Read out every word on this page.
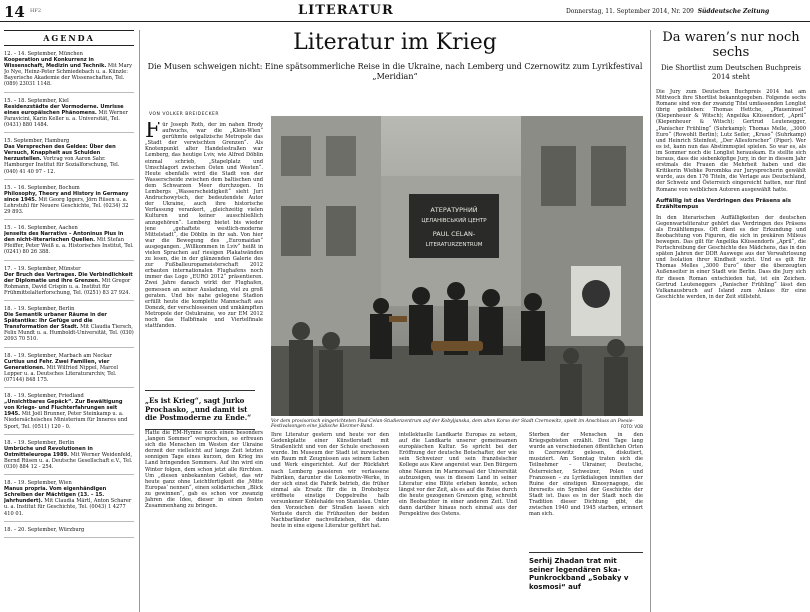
14 HF2	LITERATUR	Donnerstag, 11. September 2014, Nr. 209 Süddeutsche Zeitung
AGENDA
12. – 14. September, München
Kooperation und Konkurrenz in Wissenschaft, Medizin und Technik. Mit Mary Jo Nye, Heinz-Peter Schmiedebach u. a. Künzle: Bayerische Akademie der Wissenschaften, Tel. (089) 23031 1148.
15. – 18. September, Kiel
Residenzstädte der Vormoderne. Umrisse eines europäischen Phänomens. Mit Werner Paravicini, Karin Keller u. a. Universität, Tel. (0431) 880 1484.
15. September, Hamburg
Das Versprechen des Geldes: Über den Versuch, Knappheit aus Schulden herzustellen. Vortrag von Aaron Sahr. Hamburger Institut für Sozialforschung, Tel. (040) 41 40 97 - 12.
15. – 16. September, Bochum
Philosophy, Theory and History in Germany since 1945. Mit Georg Iggers, Jörn Rüsen u. a. Lehrstuhl für Neuere Geschichte, Tel. (0234) 32 29 893.
15. – 16. September, Aachen
Jenseits des Narrativs – Antoninus Pius in den nicht-literarischen Quellen. Mit Stefan Pfeiffer, Peter Weiß u. a. Historisches Institut, Tel. (0241) 80 26 388.
17. – 19. September, Münster
Der Bruch des Vertrages. Die Verbindlichkeit der Diplomatie und ihre Grenzen. Mit Gregor Rohmann, David Crispin u. a. Institut für Frühmittelalterforschung, Tel. (0251) 83 27 924.
18. – 19. September, Berlin
Die Semantik urbaner Räume in der Spätantike: Ihr Gefüge und die Transformation der Stadt. Mit Claudia Tiersch, Felix Mundt u. a. Humboldt-Universität, Tel. (030) 2093 70 510.
18. – 19. September, Marbach am Neckar
Curtius und Fehr. Zwei Familien, vier Generationen. Mit Wilfried Nippel, Marcel Lepper u. a. Deutsches Literaturarchiv, Tel. (07144) 848 175.
18. – 19. September, Friedland
„Unsichtbares Gepäck“. Zur Bewältigung von Kriegs- und Fluchterfahrungen seit 1945. Mit Joël Brunner, Peter Steinkamp u. a. Niedersächsisches Ministerium für Inneres und Sport, Tel. (0511) 120 - 0.
18. – 19. September, Berlin
Umbrüche und Revolutionen in Ostmitteleuropa 1989. Mit Werner Weidenfeld, Bernd Rüsen u. a. Deutsche Gesellschaft e.V., Tel. (030) 884 12 - 254.
18. – 19. September, Wien
Manus propria. Vom eigenhändigen Schreiben der Mächtigen (13. – 15. Jahrhundert). Mit Claudia Märtl, Anton Scharer u. a. Institut für Geschichte, Tel. (0043) 1 4277 410 01.
18. – 20. September, Würzburg

Literatur im Krieg
Die Musen schweigen nicht: Eine spätsommerliche Reise in die Ukraine, nach Lemberg und Czernowitz zum Lyrikfestival „Meridian“
VON VOLKER BREIDECKER
Für Joseph Roth, der im nahen Brody aufwuchs, war die „Klein-Wien“ gerühmte ostgalizische Metropole das „Stadt der verwischten Grenzen“. Als Knotenpunkt alter Handelsstraßen war Lemberg, das heutige Lviv, wie Alfred Döblin einmal schrieb, „Stapelplatz und Umschlagort zwischen Osten und Westen“. Heute ebenfalls wird die Stadt von der Wasserscheide zwischen dem baltischen und dem Schwarzen Meer durchzogen. In Lembergs „Wasserscheidigkeit“ sieht Juri Andruchowytsch, der bedeutendste Autor der Ukraine, auch ihre historische Verfassung verankert, „gleichzeitig vielen Kulturen und keiner ausschließlich anzugehören“. Lemberg bietet bis wieder jene „gehaftete westlich-moderne Mittelstadt“, die Döblin in ihr sah. Von hier war die Bewegung des „Euromaidan“ ausgegangen. „Willkommen in Lviv“ heißt in vielen Sprachen auf riesigen Plakatwänden zu lesen, die in der glänzenden Galerie des zur Fußballeuropameisterschaft 2012 erbauten internationalen Flughafens noch immer das Logo „EURO 2012“ präsentieren. Zwei Jahre danach wirkt der Flughafen, gemessen an seiner Ausladung, viel zu groß geraten. Und bis nahe gelegene Stadion erfüllt heute die komplette Mannschaft aus Donezk, der verschlossenen und umkämpften Metropole der Ostukraine, wo zur EM 2012 noch das Halbfinale und Viertelfinale stattfanden.
„Es ist Krieg“, sagt Jurko Prochasko, „und damit ist die Postmoderne zu Ende.“
Hatte die EM-Hymne noch einen besonders „langen Sommer“ versprochen, so erfreuen sich die Menschen im Westen der Ukraine derzeit der vielleicht auf lange Zeit letzten sonnigen Tage eines kurzen, den Krieg ins Land bringenden Sommers. Auf ihn wird ein Winter folgen, dem schon jetzt alle fürchten. Um „diesen unbekannten Gebiet, das wir heute ganz ohne Leichtfertigkeit die ‚Mitte Europas‘ nennen“, einen solidarischen „Blick zu gewinnen“, gab es schon vor zwanzig Jahren die Idee, dieser in einen festen Zusammenhang zu bringen.
АТЕРАТУРНИЙ
ЦЕЛАНІВСЬКИЙ ЦЕНТР
PAUL CELAN-
LITERATURZENTRUM
Vor dem provisorisch eingerichteten Paul-Celan-Studienzentrum auf der Kobyljanska, dem alten Korso der Stadt Czernowitz, spielt im Anschluss an Poesie-Festivalsongen eine jüdische Klezmer-Band.	FOTO: VOB
Ihre Literatur gestern und heute vor den Gedenkplatte einer Künstlerstadt mit Straßenlicht und von der Schule erschossen wurde. Im Museum der Stadt ist inzwischen ein Raum mit Zeugnissen aus seinem Leben und Werk eingerichtet. Auf der Rückfahrt nach Lemberg passieren wir verlassene Fabriken, darunter die Lokomotiv-Werke, in der sich einst die Fabrik betrieb, die früher einmal als Ersatz für die in Drohobycz eröffnete einstige Doppelreihe halb versunkener Kohlehalde von Stanislau. Unter den Vorzeichen der Straßen lassen sich Verluste durch die Frühzeiten der beiden Nachbarländer nachvollziehen, die dann heute in eine eigene Literatur geführt hat.
intellektuelle Landkarte Europas zu setzen, auf die Landkarte unserer gemeinsamen europäischen Kultur. So spricht bei der Eröffnung der deutsche Botschafter, der wie sein Schweizer und sein französischer Kollege aus Kiew angereist war. Den Bürgern ohne Namen im Marmorsaal der Universität aufzuzeigen, was in diesem Land in seiner Literatur eine Blüte erleben konnte, schon längst vor der Zeit, als es auf die Reise durch die heute gezogenen Grenzen ging, schreibt ein Beobachter in einer anderen Zeit. Und dann darüber hinaus noch einmal aus der Perspektive des Ostens.
Sterben der Menschen in den Kriegsgebieten erzählt. Drei Tage lang wurde an verschiedenen öffentlichen Orten in Czernowitz gelesen, diskutiert, musiziert. Am Sonntag traten sich die Teilnehmer – Ukrainer, Deutsche, Österreicher, Schweizer, Polen und Franzosen – zu Lyrikdialogen inmitten der Ruine der einstigen Kinosynagoge, die ihrerseits ein Symbol der Geschichte der Stadt ist. Dass es in der Stadt noch die Tradition dieser Dichtung gibt, die zwischen 1940 und 1945 starben, erinnert man sich.
Serhij Zhadan trat mit seiner legendären Ska-Punkrockband „Sobaky v kosmosi“ auf
Da waren’s nur noch sechs
Die Shortlist zum Deutschen Buchpreis 2014 steht
Die Jury zum Deutschen Buchpreis 2014 hat am Mittwoch ihre Shortlist bekanntgegeben. Folgende sechs Romane sind von der zwanzig Titel umfassenden Longlist übrig geblieben: Thomas Hettche, „Pfaueninsel“ (Kiepenheuer & Witsch); Angelika Klüssendorf, „April“ (Kiepenheuer & Witsch); Gertrud Leutenegger, „Panischer Frühling“ (Suhrkamp); Thomas Melle, „3000 Euro“ (Rowohlt Berlin); Lutz Seiler, „Kruso“ (Suhrkamp) und Heinrich Steinfest, „Der Allesforscher“ (Piper). Wer es ist, kann nun das Abstimmspiel spielen. So war es, als im Sommer noch die Longlist herauskam. Es stellte sich heraus, dass die siebenköpfige Jury, in der in diesem Jahr erstmals die Frauen die Mehrheit haben und die Kritikerin Wiebke Porombka zur Jurysprecherin gewählt wurde, aus den 176 Titeln, die Verlage aus Deutschland, der Schweiz und Österreich eingereicht hatten, nur fünf Romane von weiblichen Autoren ausgewählt hatte.
Auffällig ist das Verdringen des Präsens als Erzähltempus
In den literarischen Auffälligkeiten der deutschen Gegenwartsliteratur gehört das Verdringen des Präsens als Erzähltempus. Oft dient es der Erkundung und Beobachtung von Figuren, die sich in prekären Milieus bewegen. Das gilt für Angelika Klüssendorfs „April“, die Fortschreibung der Geschichte des Mädchens, das in den späten Jahren der DDR Auswege aus der Verwahrlosung und Isolation ihrer Kindheit sucht. Und es gilt für Thomas Melles „3000 Euro“ über die überzeugten Außenseiter in einer Stadt wie Berlin. Dass die Jury sich für diesen Roman entschieden hat, ist ein Zeichen. Gertrud Leuteneggers „Panischer Frühling“ lässt den Vulkanausbruch auf Island zum Anlass für eine Geschichte werden, in der Zeit stillsteht.
